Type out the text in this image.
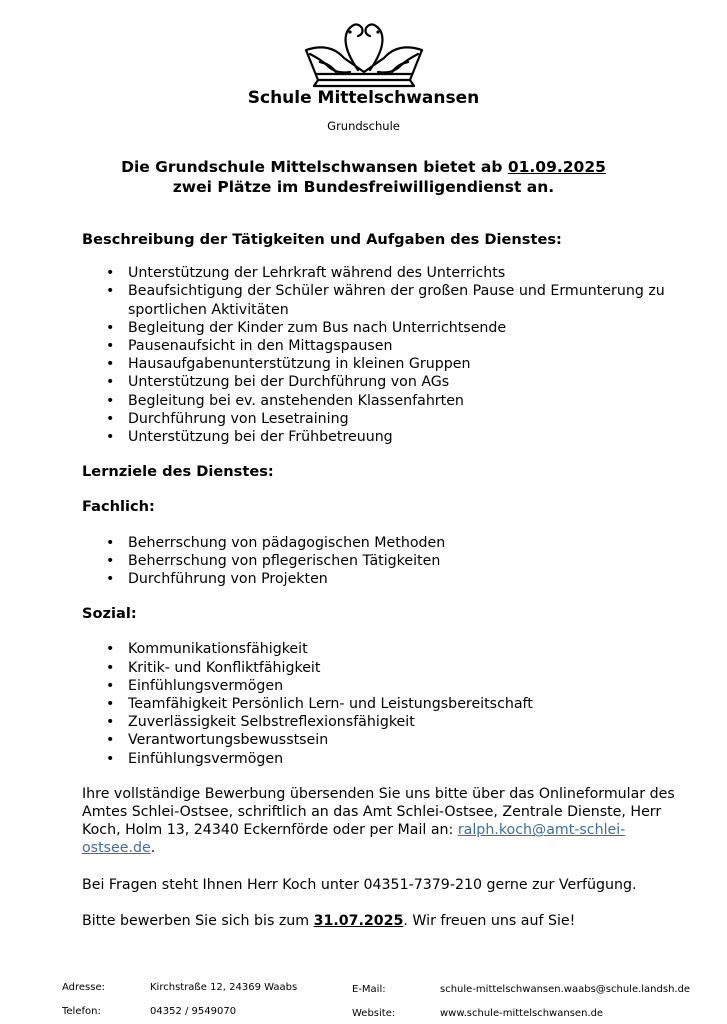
Schule Mittelschwansen
Grundschule
Die Grundschule Mittelschwansen bietet ab 01.09.2025
zwei Plätze im Bundesfreiwilligendienst an.

Beschreibung der Tätigkeiten und Aufgaben des Dienstes:

• Unterstützung der Lehrkraft während des Unterrichts
• Beaufsichtigung der Schüler währen der großen Pause und Ermunterung zu sportlichen Aktivitäten
• Begleitung der Kinder zum Bus nach Unterrichtsende
• Pausenaufsicht in den Mittagspausen
• Hausaufgabenunterstützung in kleinen Gruppen
• Unterstützung bei der Durchführung von AGs
• Begleitung bei ev. anstehenden Klassenfahrten
• Durchführung von Lesetraining
• Unterstützung bei der Frühbetreuung

Lernziele des Dienstes:

Fachlich:

• Beherrschung von pädagogischen Methoden
• Beherrschung von pflegerischen Tätigkeiten
• Durchführung von Projekten

Sozial:

• Kommunikationsfähigkeit
• Kritik- und Konfliktfähigkeit
• Einfühlungsvermögen
• Teamfähigkeit Persönlich Lern- und Leistungsbereitschaft
• Zuverlässigkeit Selbstreflexionsfähigkeit
• Verantwortungsbewusstsein
• Einfühlungsvermögen

Ihre vollständige Bewerbung übersenden Sie uns bitte über das Onlineformular des Amtes Schlei-Ostsee, schriftlich an das Amt Schlei-Ostsee, Zentrale Dienste, Herr Koch, Holm 13, 24340 Eckernförde oder per Mail an: ralph.koch@amt-schlei-ostsee.de.

Bei Fragen steht Ihnen Herr Koch unter 04351-7379-210 gerne zur Verfügung.

Bitte bewerben Sie sich bis zum 31.07.2025. Wir freuen uns auf Sie!

Adresse:	Kirchstraße 12, 24369 Waabs
Telefon:	04352 / 9549070
E-Mail:	schule-mittelschwansen.waabs@schule.landsh.de
Website:	www.schule-mittelschwansen.de
